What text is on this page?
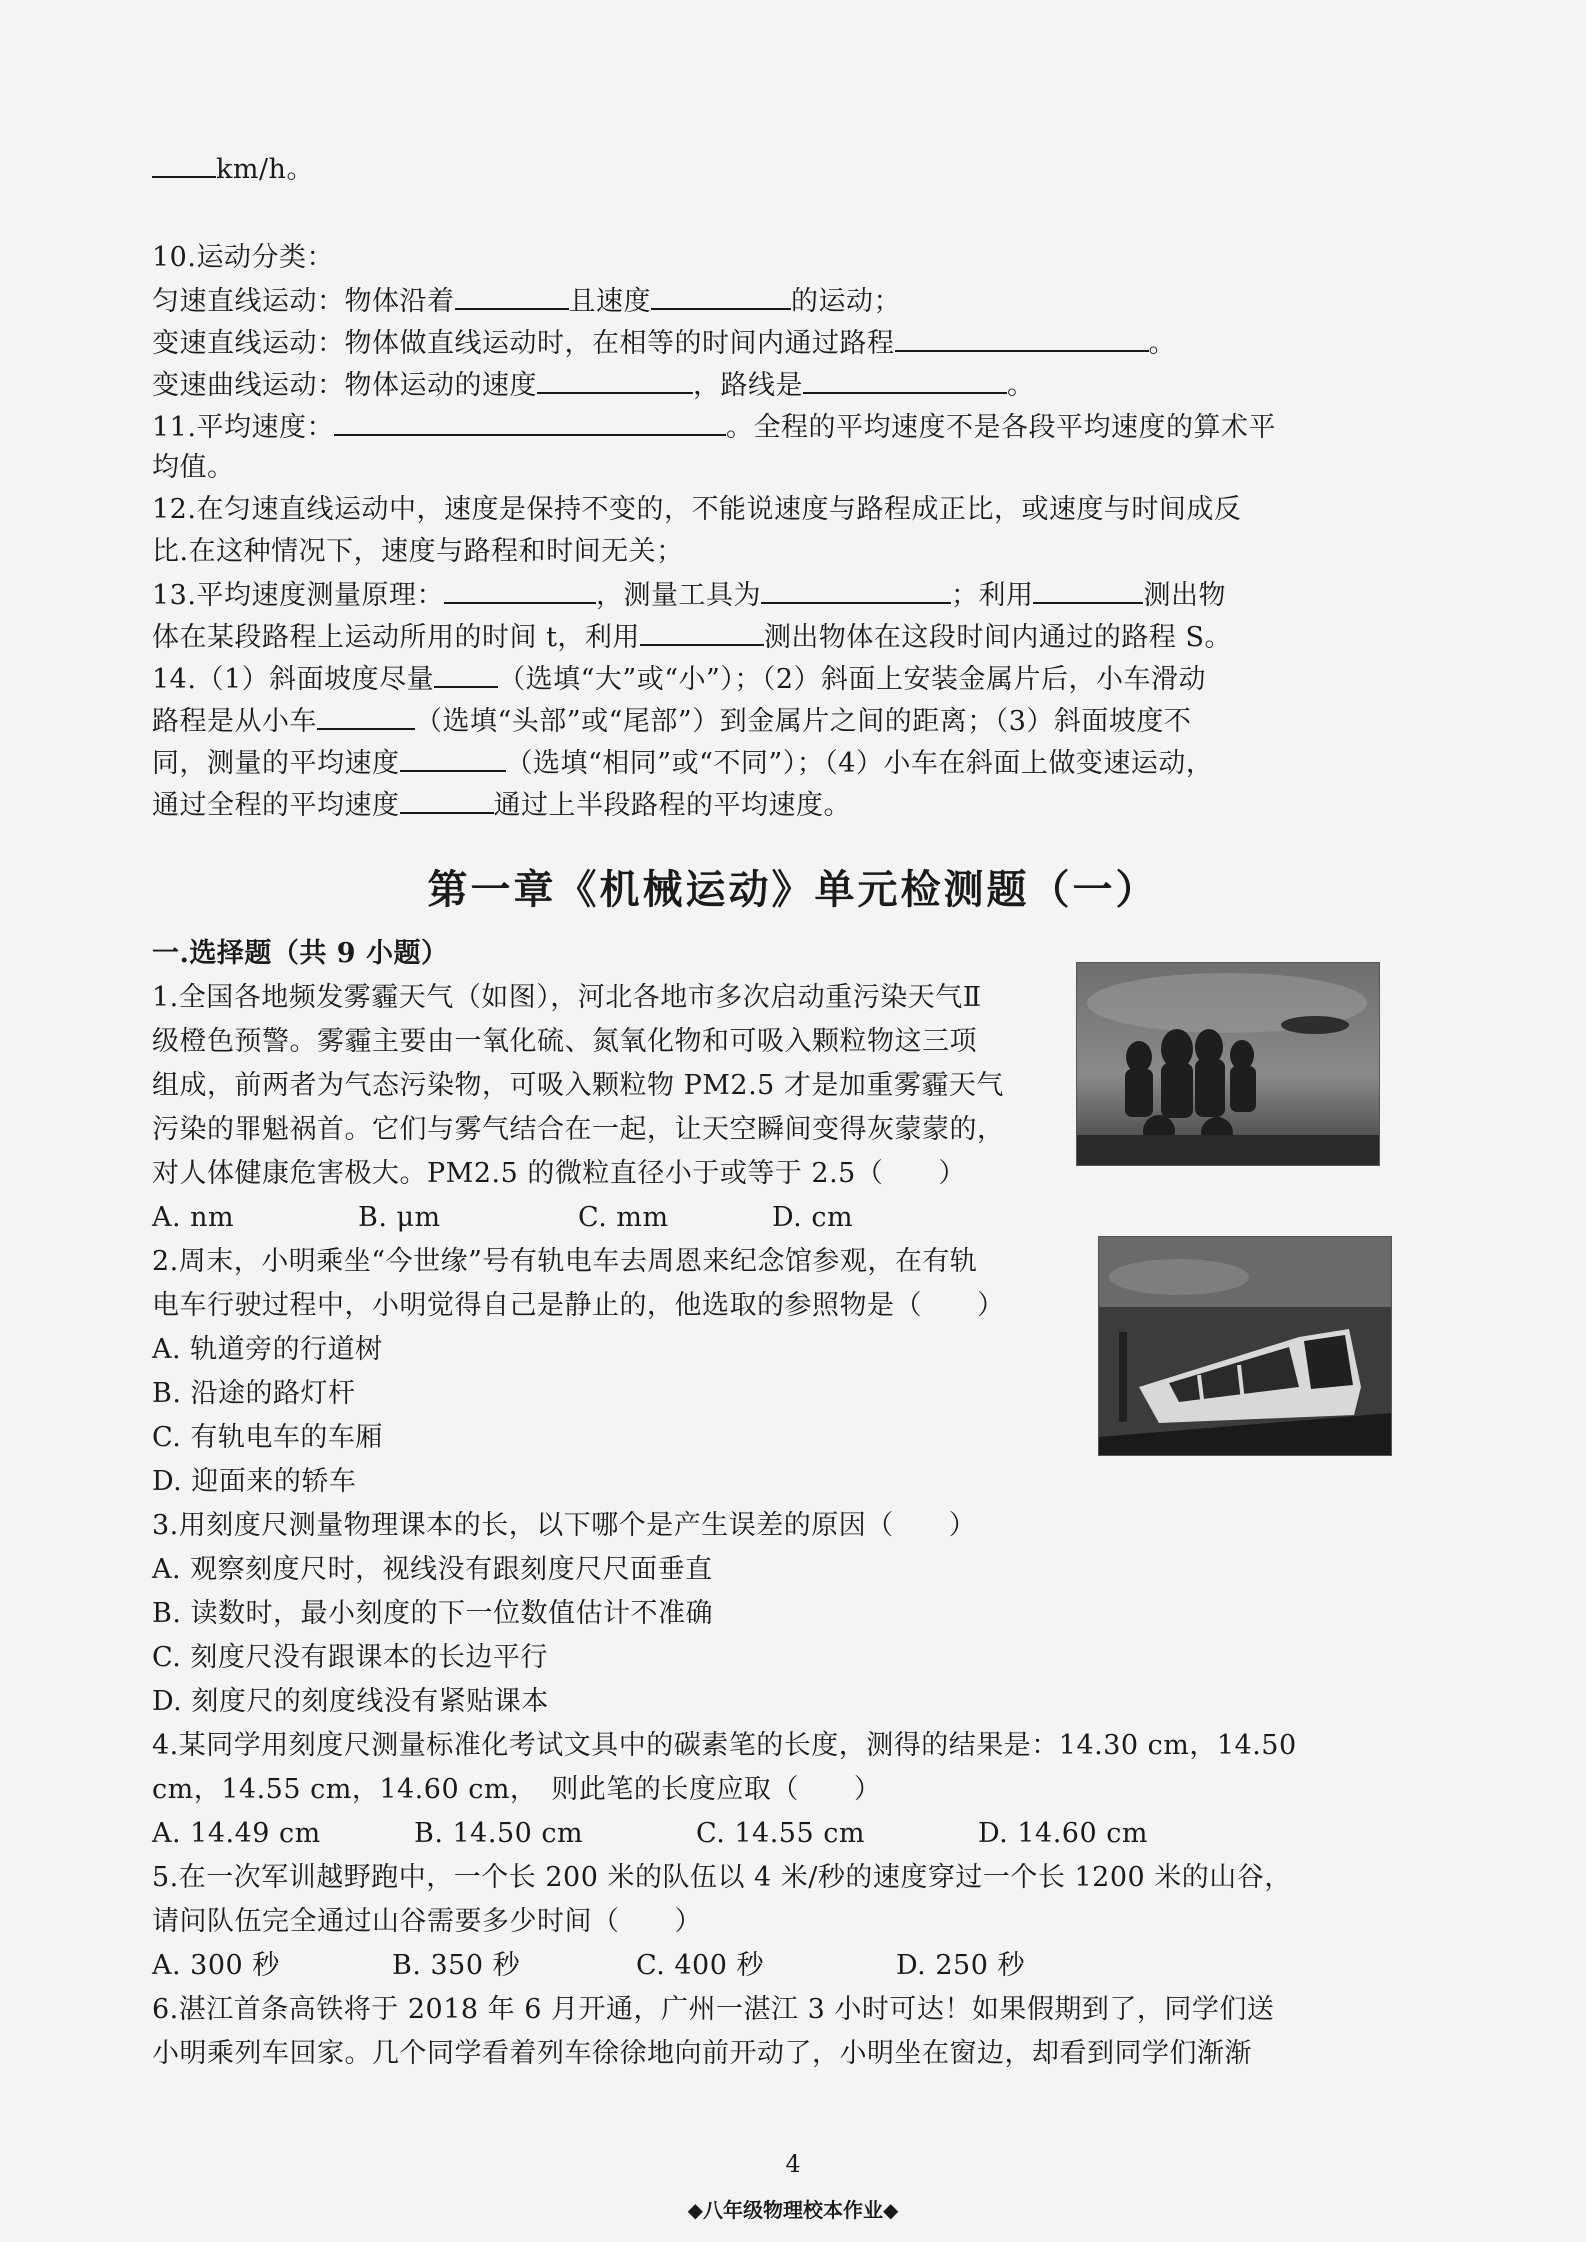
km/h。
10.运动分类：
匀速直线运动：物体沿着	且速度	的运动；
变速直线运动：物体做直线运动时，在相等的时间内通过路程	。
变速曲线运动：物体运动的速度	，路线是	。
11.平均速度：	。全程的平均速度不是各段平均速度的算术平
均值。
12.在匀速直线运动中，速度是保持不变的，不能说速度与路程成正比，或速度与时间成反
比.在这种情况下，速度与路程和时间无关；
13.平均速度测量原理：	，测量工具为	；利用	测出物
体在某段路程上运动所用的时间 t，利用	测出物体在这段时间内通过的路程 S。
14.（1）斜面坡度尽量 （选填“大”或“小”）；（2）斜面上安装金属片后，小车滑动
路程是从小车	（选填“头部”或“尾部”）到金属片之间的距离；（3）斜面坡度不
同，测量的平均速度	（选填“相同”或“不同”）；（4）小车在斜面上做变速运动，
通过全程的平均速度	通过上半段路程的平均速度。
第一章《机械运动》单元检测题（一）
一.选择题（共 9 小题）
1.全国各地频发雾霾天气（如图），河北各地市多次启动重污染天气Ⅱ
级橙色预警。雾霾主要由一氧化硫、氮氧化物和可吸入颗粒物这三项
组成，前两者为气态污染物，可吸入颗粒物 PM2.5 才是加重雾霾天气
污染的罪魁祸首。它们与雾气结合在一起，让天空瞬间变得灰蒙蒙的，
对人体健康危害极大。PM2.5 的微粒直径小于或等于 2.5（　　）
A. nm	B. μm	C. mm	D. cm
2.周末，小明乘坐“今世缘”号有轨电车去周恩来纪念馆参观，在有轨
电车行驶过程中，小明觉得自己是静止的，他选取的参照物是（　　）
A. 轨道旁的行道树
B. 沿途的路灯杆
C. 有轨电车的车厢
D. 迎面来的轿车
3.用刻度尺测量物理课本的长，以下哪个是产生误差的原因（　　）
A. 观察刻度尺时，视线没有跟刻度尺尺面垂直
B. 读数时，最小刻度的下一位数值估计不准确
C. 刻度尺没有跟课本的长边平行
D. 刻度尺的刻度线没有紧贴课本
4.某同学用刻度尺测量标准化考试文具中的碳素笔的长度，测得的结果是：14.30 cm，14.50
cm，14.55 cm，14.60 cm，　则此笔的长度应取（　　）
A. 14.49 cm	B. 14.50 cm	C. 14.55 cm	D. 14.60 cm
5.在一次军训越野跑中，一个长 200 米的队伍以 4 米/秒的速度穿过一个长 1200 米的山谷，
请问队伍完全通过山谷需要多少时间（　　）
A. 300 秒	B. 350 秒	C. 400 秒	D. 250 秒
6.湛江首条高铁将于 2018 年 6 月开通，广州一湛江 3 小时可达！如果假期到了，同学们送
小明乘列车回家。几个同学看着列车徐徐地向前开动了，小明坐在窗边，却看到同学们渐渐
4
◆八年级物理校本作业◆
